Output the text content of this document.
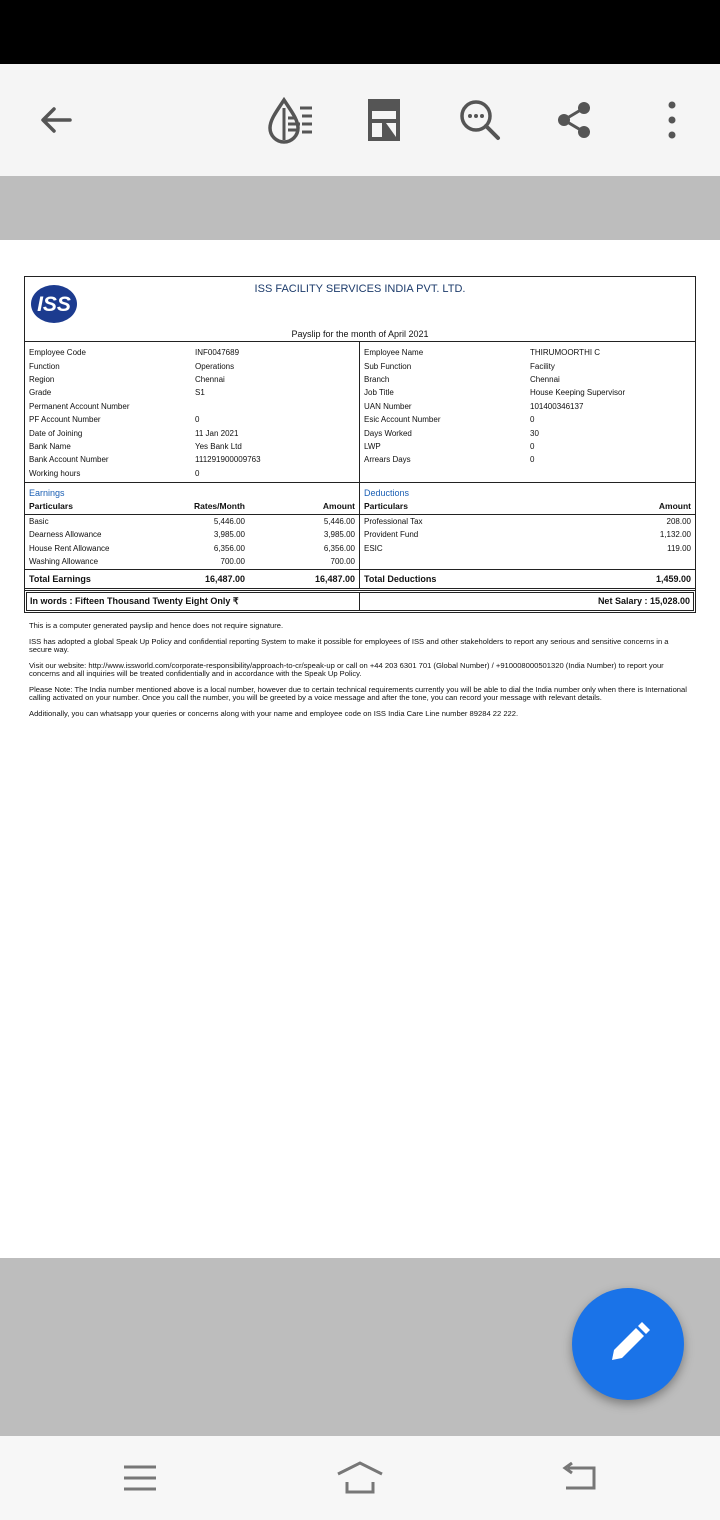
ISS
ISS FACILITY SERVICES INDIA PVT. LTD.
Payslip for the month of April 2021
Employee Code	INF0047689
Function	Operations
Region	Chennai
Grade	S1
Permanent Account Number
PF Account Number	0
Date of Joining	11 Jan 2021
Bank Name	Yes Bank Ltd
Bank Account Number	111291900009763
Working hours	0
Employee Name	THIRUMOORTHI C
Sub Function	Facility
Branch	Chennai
Job Title	House Keeping Supervisor
UAN Number	101400346137
Esic Account Number	0
Days Worked	30
LWP	0
Arrears Days	0
Earnings
Particulars	Rates/Month	Amount
Basic	5,446.00	5,446.00
Dearness Allowance	3,985.00	3,985.00
House Rent Allowance	6,356.00	6,356.00
Washing Allowance	700.00	700.00
Deductions
Particulars	Amount
Professional Tax	208.00
Provident Fund	1,132.00
ESIC	119.00
Total Earnings	16,487.00	16,487.00 Total Deductions	1,459.00
In words : Fifteen Thousand Twenty Eight Only ₹	Net Salary : 15,028.00

This is a computer generated payslip and hence does not require signature.

ISS has adopted a global Speak Up Policy and confidential reporting System to make it possible for employees of ISS and other stakeholders to report any serious and sensitive concerns in a secure way.

Visit our website: http://www.issworld.com/corporate-responsibility/approach-to-cr/speak-up or call on +44 203 6301 701 (Global Number) / +910008000501320 (India Number) to report your concerns and all inquiries will be treated confidentially and in accordance with the Speak Up Policy.

Please Note: The India number mentioned above is a local number, however due to certain technical requirements currently you will be able to dial the India number only when there is International calling activated on your number. Once you call the number, you will be greeted by a voice message and after the tone, you can record your message with relevant details.

Additionally, you can whatsapp your queries or concerns along with your name and employee code on ISS India Care Line number 89284 22 222.
